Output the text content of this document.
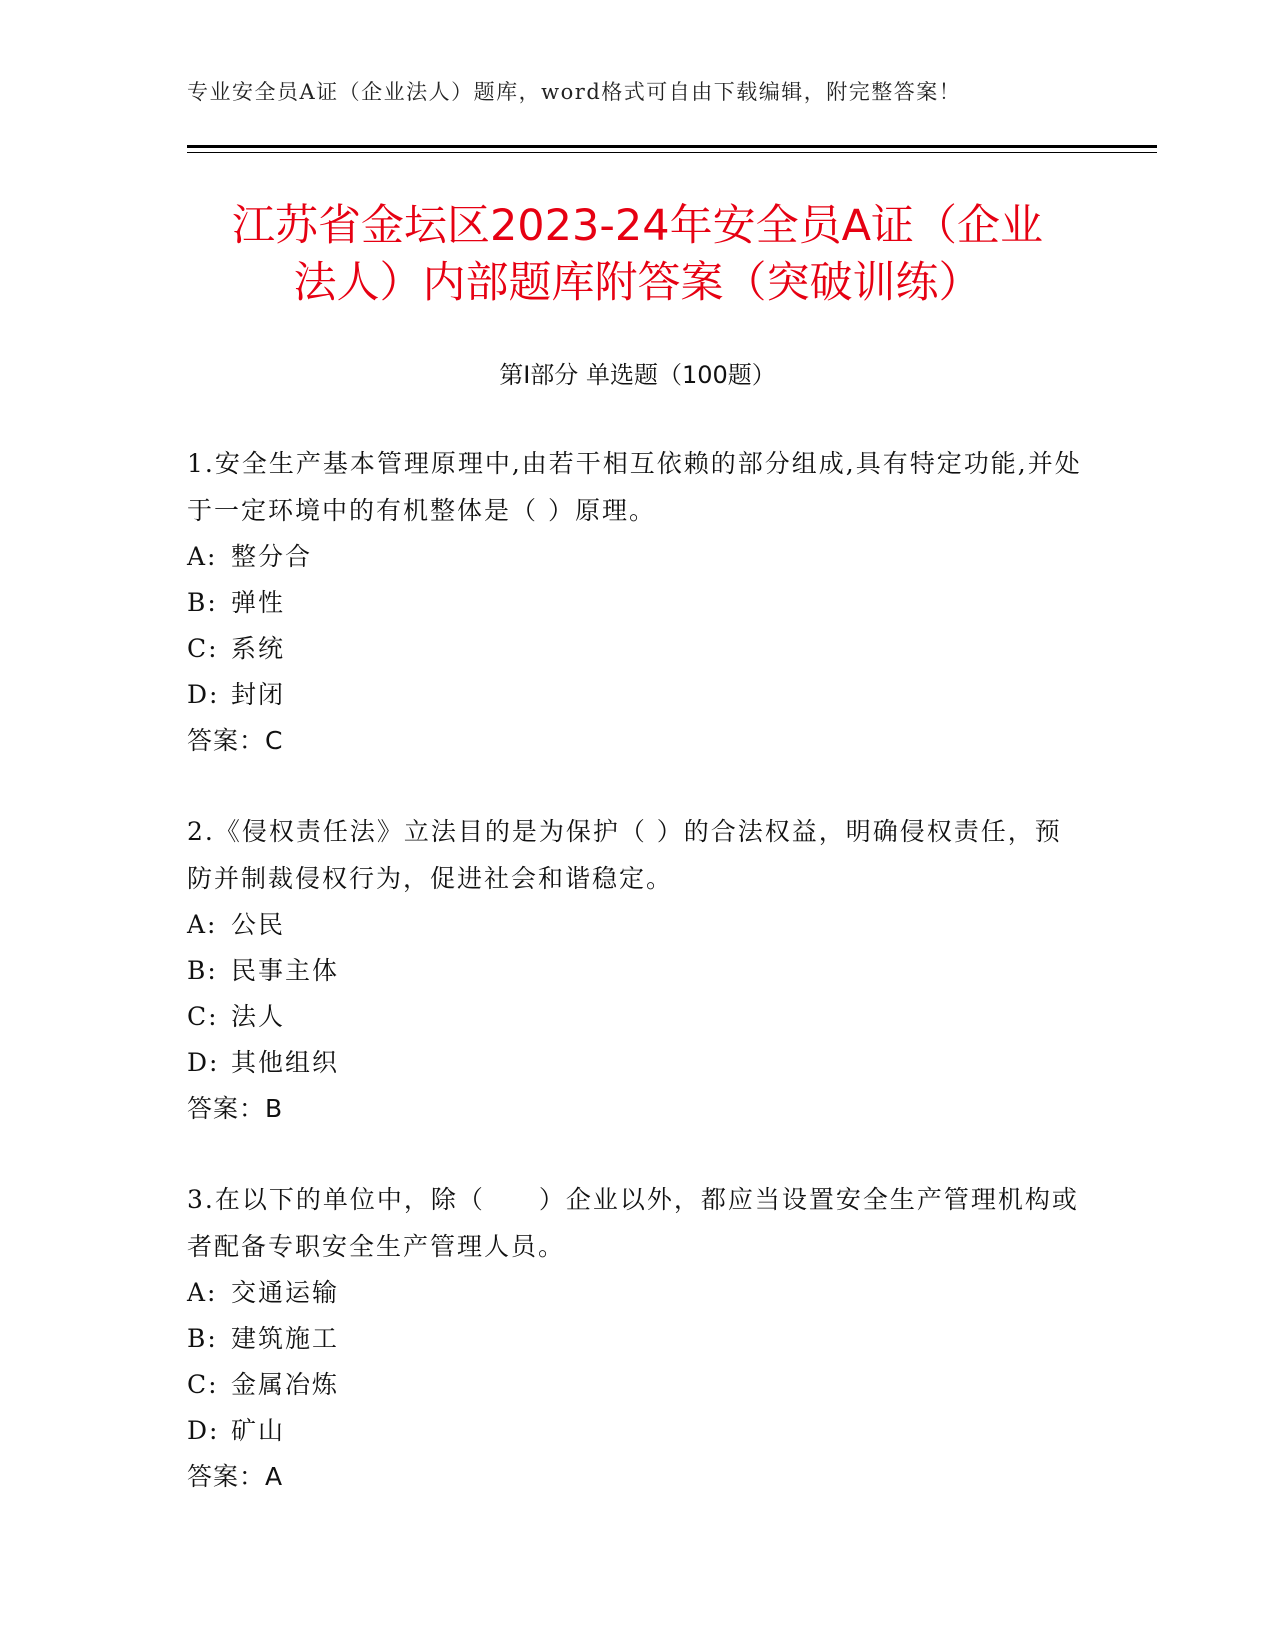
专业安全员A证（企业法人）题库，word格式可自由下载编辑，附完整答案！
江苏省金坛区2023-24年安全员A证（企业
法人）内部题库附答案（突破训练）
第Ⅰ部分 单选题（100题）

1.安全生产基本管理原理中,由若干相互依赖的部分组成,具有特定功能,并处于一定环境中的有机整体是（ ）原理。

A: 整分合
B: 弹性
C: 系统
D: 封闭
答案：C

2.《侵权责任法》立法目的是为保护（ ）的合法权益，明确侵权责任，预防并制裁侵权行为，促进社会和谐稳定。

A: 公民
B: 民事主体
C: 法人
D: 其他组织
答案：B

3.在以下的单位中，除（　　）企业以外，都应当设置安全生产管理机构或者配备专职安全生产管理人员。

A: 交通运输
B: 建筑施工
C: 金属冶炼
D: 矿山
答案：A
